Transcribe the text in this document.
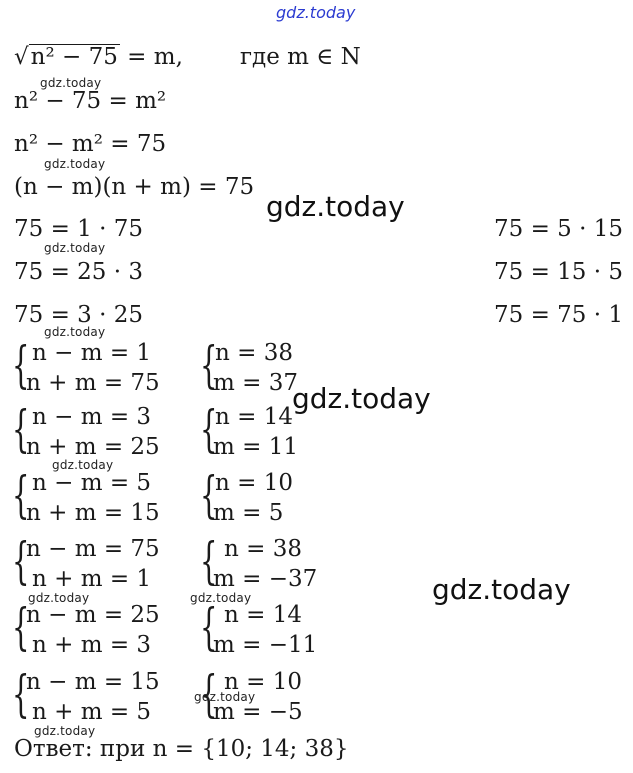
gdz.today
√n² − 75 = m, где m ∈ N
n² − 75 = m²
n² − m² = 75
(n − m)(n + m) = 75
75 = 1 · 75
75 = 25 · 3
75 = 3 · 25
75 = 5 · 15
75 = 15 · 5
75 = 75 · 1
{ n − m = 1
n + m = 75 {
n = 38
m = 37
{ n − m = 3
n + m = 25 {
n = 14
m = 11
{ n − m = 5
n + m = 15 {
n = 10
m = 5
{
n − m = 75
n + m = 1 { n = 38
m = −37
{
n − m = 25
n + m = 3 { n = 14
m = −11
{
n − m = 15
n + m = 5 { n = 10
m = −5
Ответ: при n = {10; 14; 38}
gdz.today
gdz.today
gdz.today
gdz.today
gdz.today
gdz.today
gdz.today
gdz.today
gdz.today	gdz.today
gdz.today
gdz.today
